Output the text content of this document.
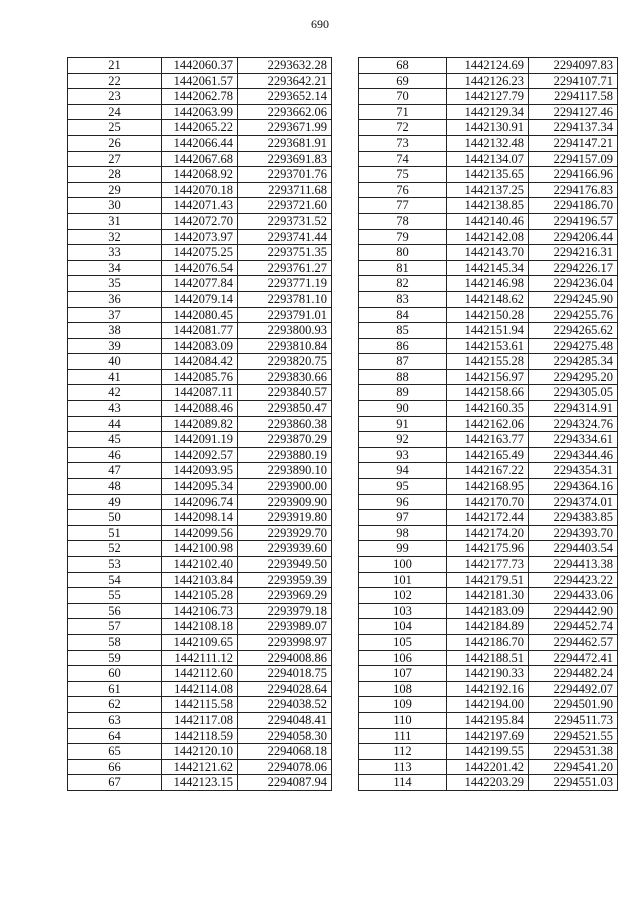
690
21	1442060.37	2293632.28
22	1442061.57	2293642.21
23	1442062.78	2293652.14
24	1442063.99	2293662.06
25	1442065.22	2293671.99
26	1442066.44	2293681.91
27	1442067.68	2293691.83
28	1442068.92	2293701.76
29	1442070.18	2293711.68
30	1442071.43	2293721.60
31	1442072.70	2293731.52
32	1442073.97	2293741.44
33	1442075.25	2293751.35
34	1442076.54	2293761.27
35	1442077.84	2293771.19
36	1442079.14	2293781.10
37	1442080.45	2293791.01
38	1442081.77	2293800.93
39	1442083.09	2293810.84
40	1442084.42	2293820.75
41	1442085.76	2293830.66
42	1442087.11	2293840.57
43	1442088.46	2293850.47
44	1442089.82	2293860.38
45	1442091.19	2293870.29
46	1442092.57	2293880.19
47	1442093.95	2293890.10
48	1442095.34	2293900.00
49	1442096.74	2293909.90
50	1442098.14	2293919.80
51	1442099.56	2293929.70
52	1442100.98	2293939.60
53	1442102.40	2293949.50
54	1442103.84	2293959.39
55	1442105.28	2293969.29
56	1442106.73	2293979.18
57	1442108.18	2293989.07
58	1442109.65	2293998.97
59	1442111.12	2294008.86
60	1442112.60	2294018.75
61	1442114.08	2294028.64
62	1442115.58	2294038.52
63	1442117.08	2294048.41
64	1442118.59	2294058.30
65	1442120.10	2294068.18
66	1442121.62	2294078.06
67	1442123.15	2294087.94
68	1442124.69	2294097.83
69	1442126.23	2294107.71
70	1442127.79	2294117.58
71	1442129.34	2294127.46
72	1442130.91	2294137.34
73	1442132.48	2294147.21
74	1442134.07	2294157.09
75	1442135.65	2294166.96
76	1442137.25	2294176.83
77	1442138.85	2294186.70
78	1442140.46	2294196.57
79	1442142.08	2294206.44
80	1442143.70	2294216.31
81	1442145.34	2294226.17
82	1442146.98	2294236.04
83	1442148.62	2294245.90
84	1442150.28	2294255.76
85	1442151.94	2294265.62
86	1442153.61	2294275.48
87	1442155.28	2294285.34
88	1442156.97	2294295.20
89	1442158.66	2294305.05
90	1442160.35	2294314.91
91	1442162.06	2294324.76
92	1442163.77	2294334.61
93	1442165.49	2294344.46
94	1442167.22	2294354.31
95	1442168.95	2294364.16
96	1442170.70	2294374.01
97	1442172.44	2294383.85
98	1442174.20	2294393.70
99	1442175.96	2294403.54
100	1442177.73	2294413.38
101	1442179.51	2294423.22
102	1442181.30	2294433.06
103	1442183.09	2294442.90
104	1442184.89	2294452.74
105	1442186.70	2294462.57
106	1442188.51	2294472.41
107	1442190.33	2294482.24
108	1442192.16	2294492.07
109	1442194.00	2294501.90
110	1442195.84	2294511.73
111	1442197.69	2294521.55
112	1442199.55	2294531.38
113	1442201.42	2294541.20
114	1442203.29	2294551.03
